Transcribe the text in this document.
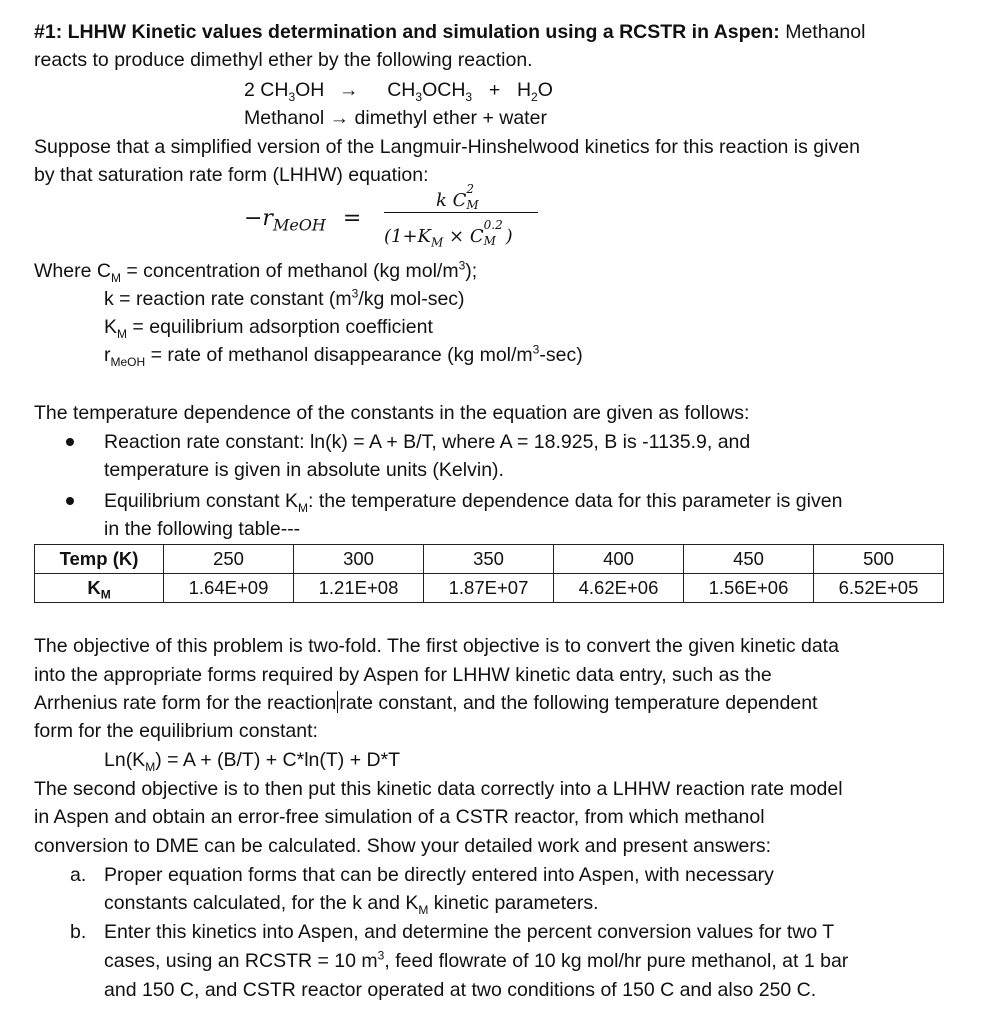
#1: LHHW Kinetic values determination and simulation using a RCSTR in Aspen: Methanol
reacts to produce dimethyl ether by the following reaction.
2 $CH_3OH \to CH_3OCH_3 + H_2O$
Methanol → dimethyl ether + water
Suppose that a simplified version of the Langmuir-Hinshelwood kinetics for this reaction is given
by that saturation rate form (LHHW) equation:
$-r_{MeOH}$ =
k C
2
M
($1+K_M \times C$
0.2
M )
Where $C_M$ = concentration of methanol (kg mol/$m^3$);
k = reaction rate constant ($m^3/kg$ mol-sec)
$K_M$ = equilibrium adsorption coefficient
$r_{MeOH}$ = rate of methanol disappearance (kg mol/$m^3-\sec$)
The temperature dependence of the constants in the equation are given as follows:
Reaction rate constant: ln(k) = A + B/T, where A = 18.925, B is -1135.9, and
temperature is given in absolute units (Kelvin).
Equilibrium constant $K_M$: the temperature dependence data for this parameter is given
in the following table---
Temp (K)	250	300	350	400	450	500
$K_M$	1.64E+09	1.21E+08	1.87E+07	4.62E+06	1.56E+06	6.52E+05
The objective of this problem is two-fold. The first objective is to convert the given kinetic data
into the appropriate forms required by Aspen for LHHW kinetic data entry, such as the
Arrhenius rate form for the reaction rate constant, and the following temperature dependent
form for the equilibrium constant:
$Ln(K_M) = A + (B/T) + C*\ln(T) + D*T$
The second objective is to then put this kinetic data correctly into a LHHW reaction rate model
in Aspen and obtain an error-free simulation of a CSTR reactor, from which methanol
conversion to DME can be calculated. Show your detailed work and present answers:
a. Proper equation forms that can be directly entered into Aspen, with necessary
constants calculated, for the k and $K_M$ kinetic parameters.
b. Enter this kinetics into Aspen, and determine the percent conversion values for two T
cases, using an RCSTR = 10 $m^3$, feed flowrate of 10 kg mol/hr pure methanol, at 1 bar
and 150 C, and CSTR reactor operated at two conditions of 150 C and also 250 C.
